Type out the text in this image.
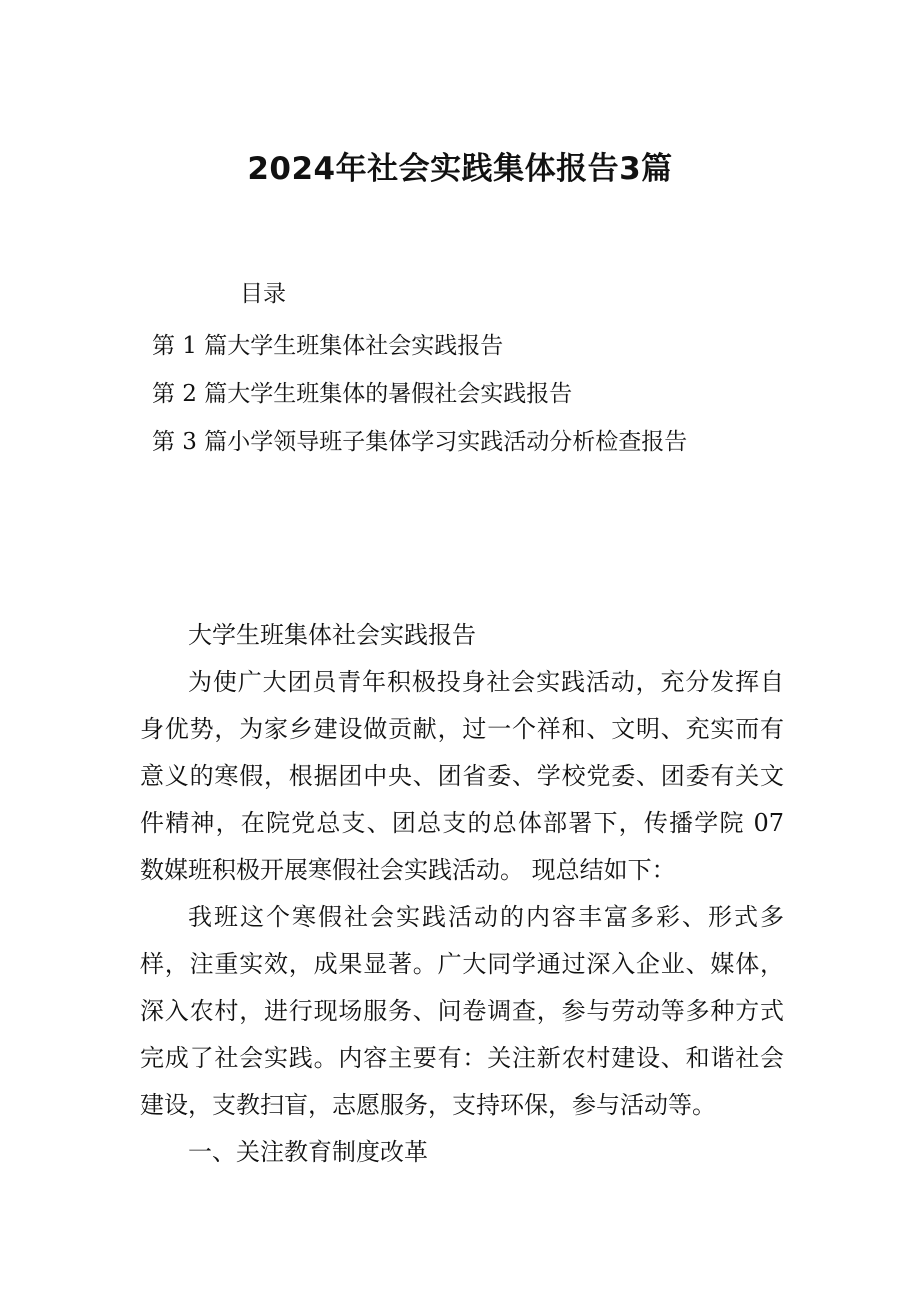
2024年社会实践集体报告3篇
目录
第 1 篇大学生班集体社会实践报告
第 2 篇大学生班集体的暑假社会实践报告
第 3 篇小学领导班子集体学习实践活动分析检查报告

大学生班集体社会实践报告

为使广大团员青年积极投身社会实践活动，充分发挥自身优势，为家乡建设做贡献，过一个祥和、文明、充实而有意义的寒假，根据团中央、团省委、学校党委、团委有关文件精神，在院党总支、团总支的总体部署下，传播学院 07 数媒班积极开展寒假社会实践活动。 现总结如下：

我班这个寒假社会实践活动的内容丰富多彩、形式多样，注重实效，成果显著。广大同学通过深入企业、媒体，深入农村，进行现场服务、问卷调查，参与劳动等多种方式完成了社会实践。内容主要有：关注新农村建设、和谐社会建设，支教扫盲，志愿服务，支持环保，参与活动等。

一、关注教育制度改革
